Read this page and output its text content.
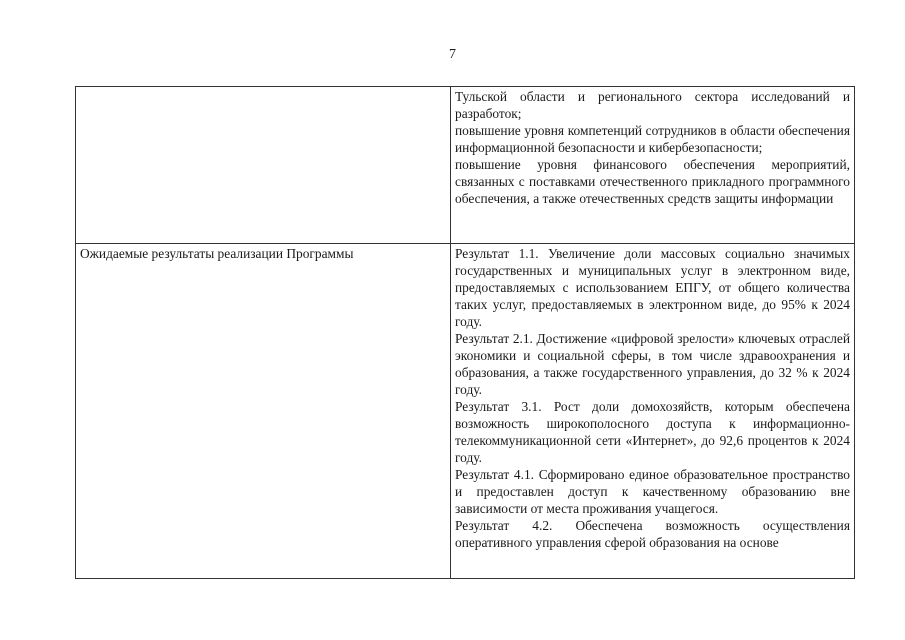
7

	Тульской области и регионального сектора исследований и разработок;

повышение уровня компетенций сотрудников в области обеспечения информационной безопасности и кибербезопасности;

повышение уровня финансового обеспечения мероприятий, связанных с поставками отечественного прикладного программного обеспечения, а также отечественных средств защиты информации

Ожидаемые результаты реализации Программы	Результат 1.1. Увеличение доли массовых социально значимых государственных и муниципальных услуг в электронном виде, предоставляемых с использованием ЕПГУ, от общего количества таких услуг, предоставляемых в электронном виде, до 95% к 2024 году.

Результат 2.1. Достижение «цифровой зрелости» ключевых отраслей экономики и социальной сферы, в том числе здравоохранения и образования, а также государственного управления, до 32 % к 2024 году.

Результат 3.1. Рост доли домохозяйств, которым обеспечена возможность широкополосного доступа к информационно-телекоммуникационной сети «Интернет», до 92,6 процентов к 2024 году.

Результат 4.1. Сформировано единое образовательное пространство и предоставлен доступ к качественному образованию вне зависимости от места проживания учащегося.

Результат 4.2. Обеспечена возможность осуществления оперативного управления сферой образования на основе
